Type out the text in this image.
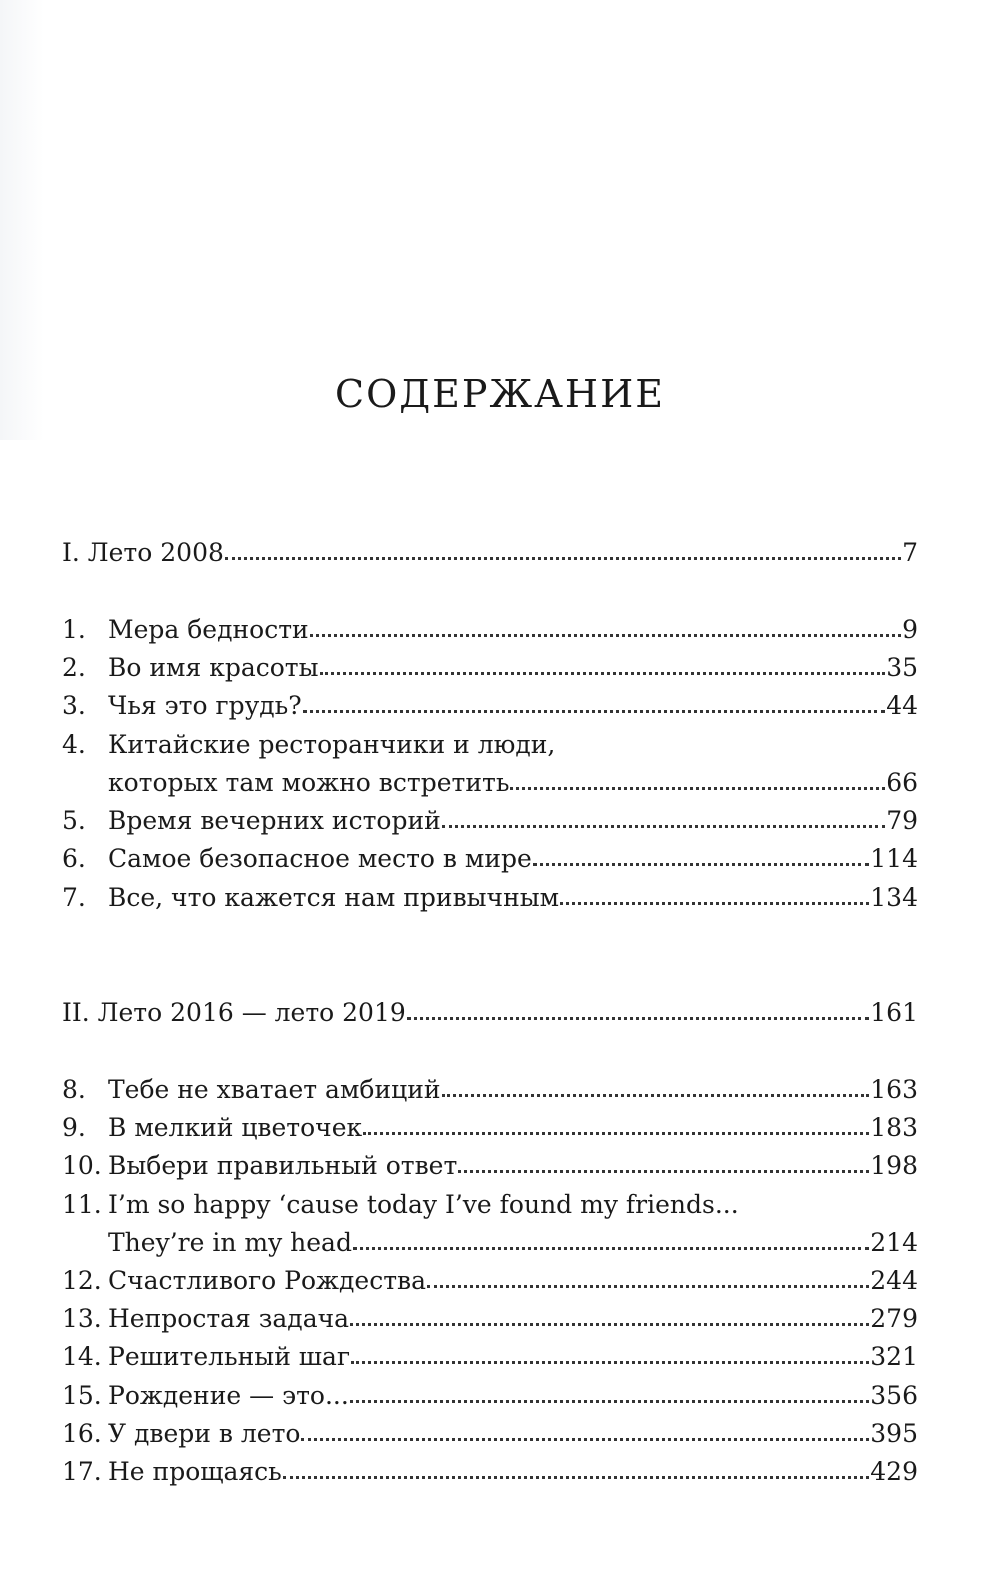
СОДЕРЖАНИЕ
I. Лето 2008	7
1. Мера бедности	9
2. Во имя красоты	35
3. Чья это грудь?	44
4. Китайские ресторанчики и люди,
которых там можно встретить	66
5. Время вечерних историй	79
6. Самое безопасное место в мире	114
7. Все, что кажется нам привычным	134
II. Лето 2016 — лето 2019	161
8. Тебе не хватает амбиций	163
9. В мелкий цветочек	183
10. Выбери правильный ответ	198
11. I’m so happy ‘cause today I’ve found my friends...
They’re in my head	214
12. Счастливого Рождества	244
13. Непростая задача	279
14. Решительный шаг	321
15. Рождение — это...	356
16. У двери в лето	395
17. Не прощаясь	429
